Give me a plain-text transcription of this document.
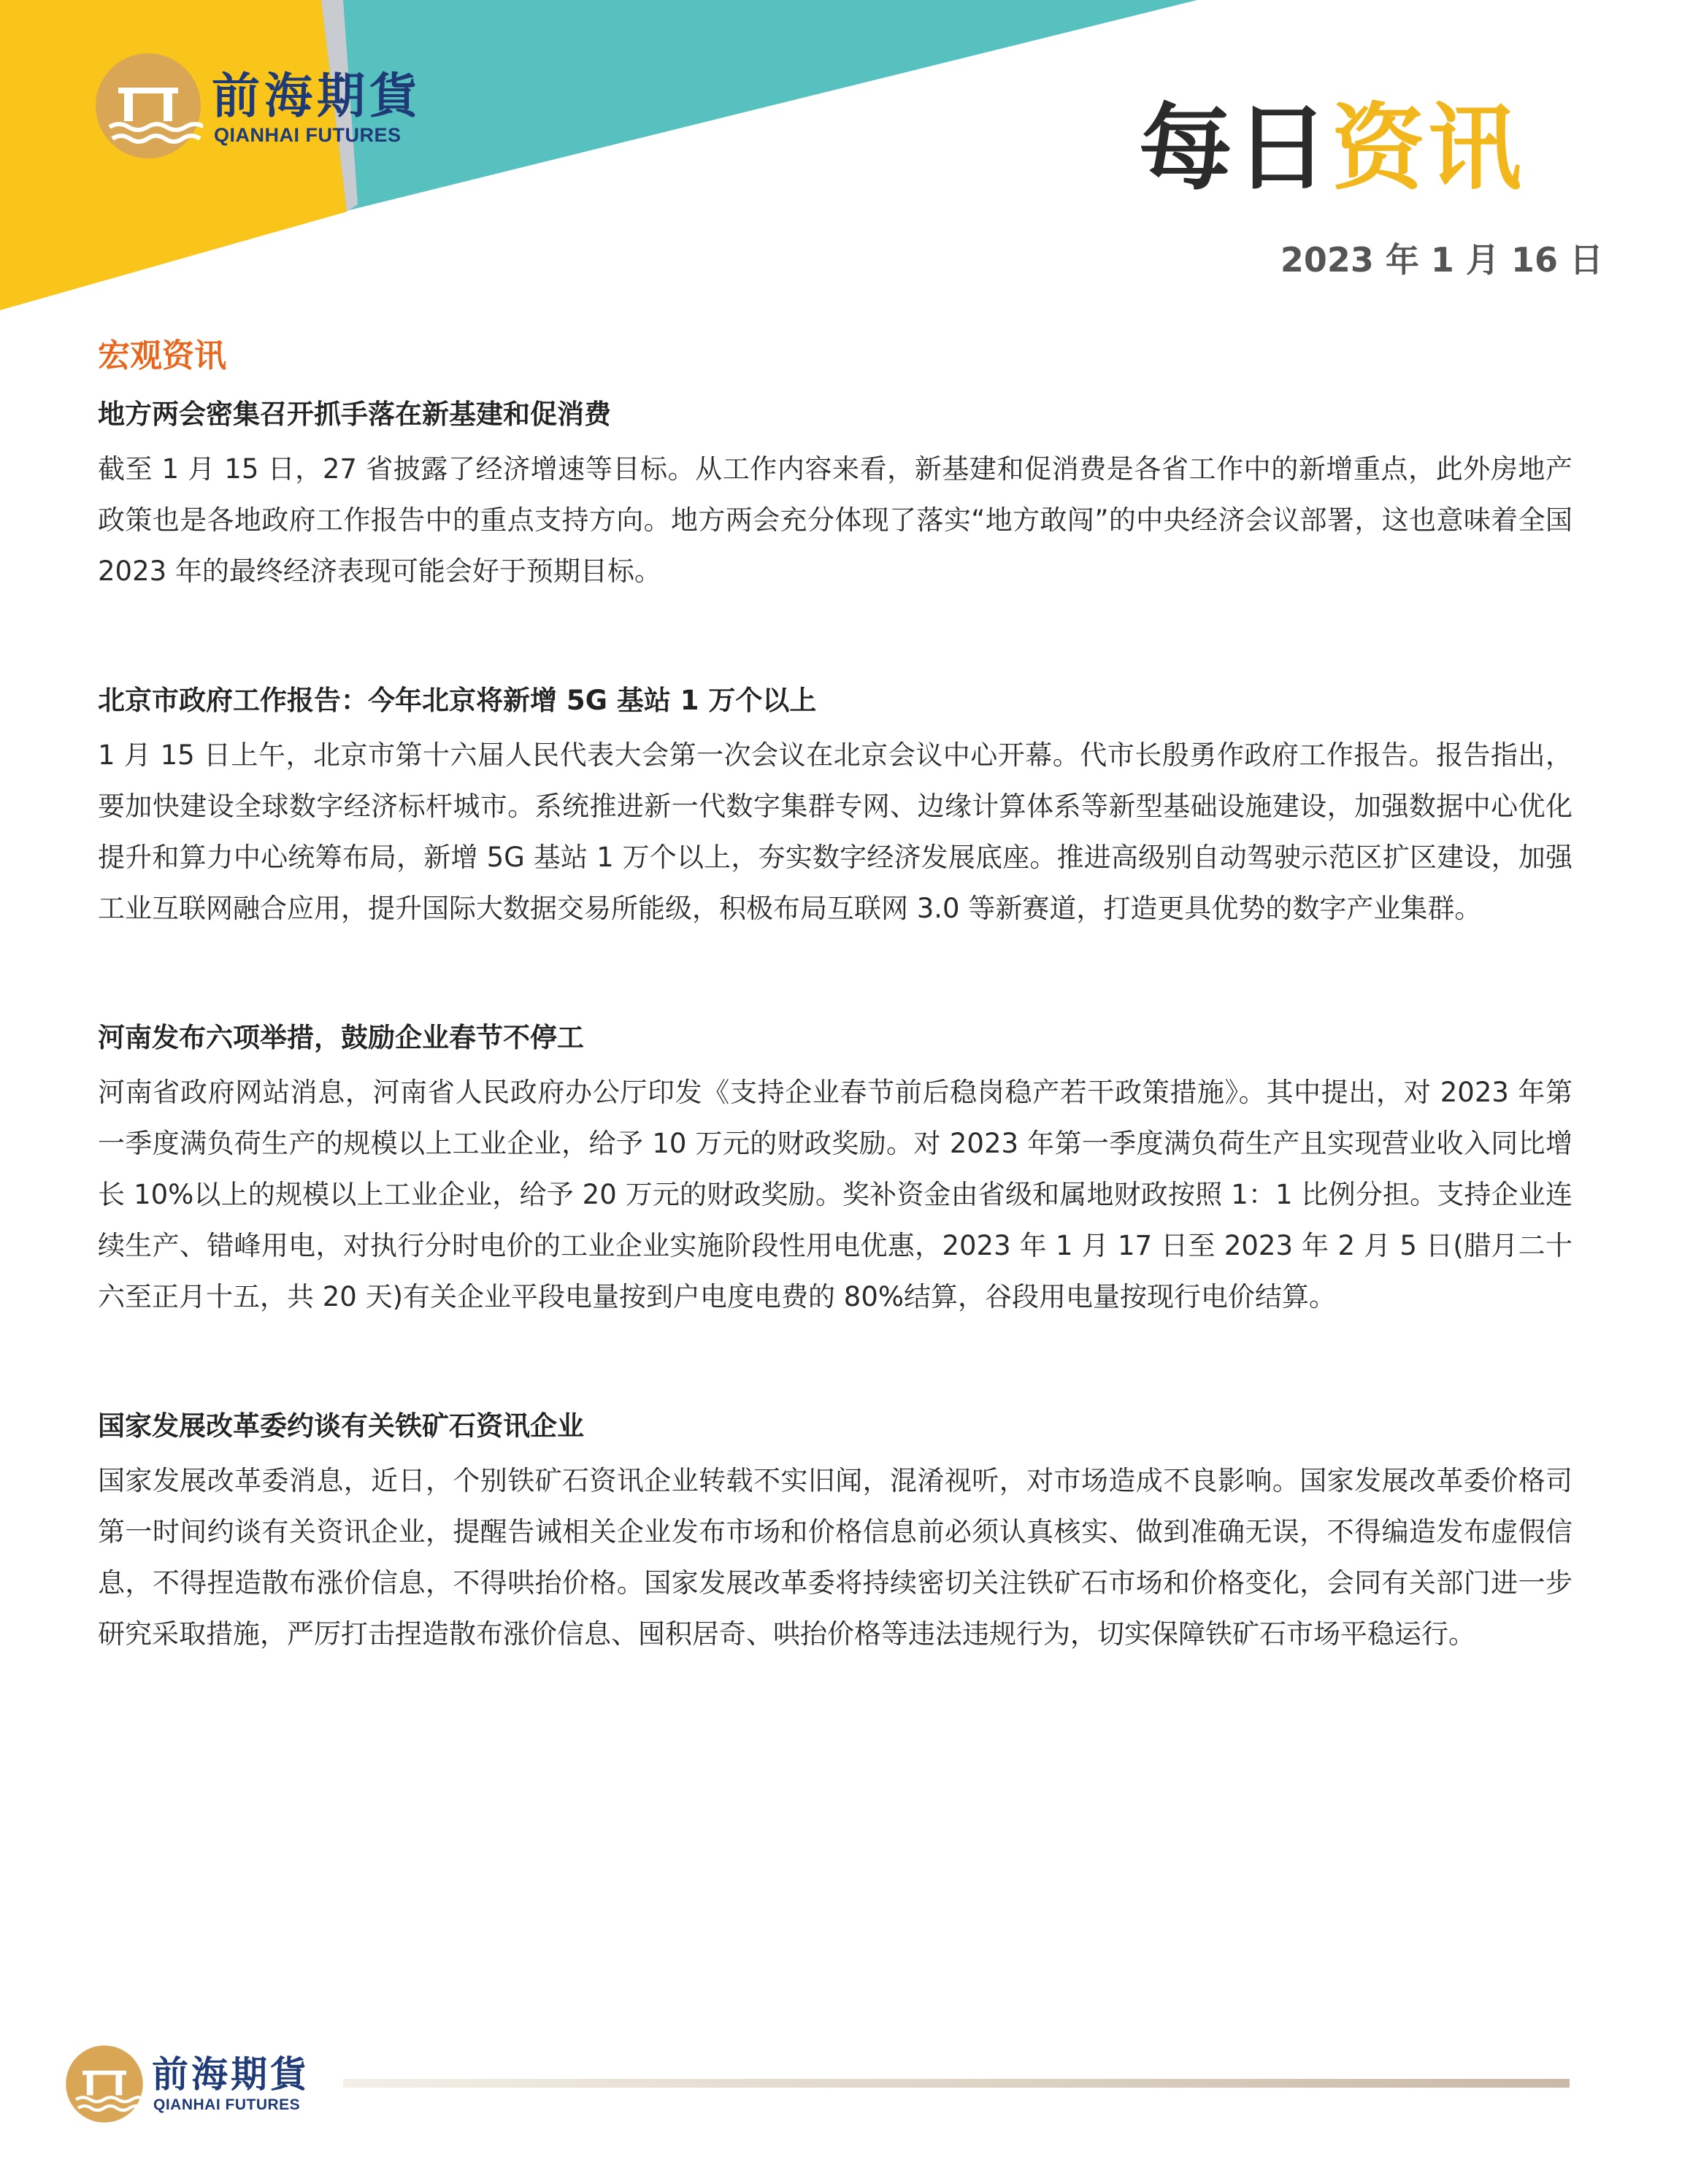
前海期貨
QIANHAI FUTURES	每日资讯
2023 年 1 月 16 日
宏观资讯
地方两会密集召开抓手落在新基建和促消费

截至 1 月 15 日，27 省披露了经济增速等目标。从工作内容来看，新基建和促消费是各省工作中的新增重点，此外房地产政策也是各地政府工作报告中的重点支持方向。地方两会充分体现了落实“地方敢闯”的中央经济会议部署，这也意味着全国 2023 年的最终经济表现可能会好于预期目标。

北京市政府工作报告：今年北京将新增 5G 基站 1 万个以上

1 月 15 日上午，北京市第十六届人民代表大会第一次会议在北京会议中心开幕。代市长殷勇作政府工作报告。报告指出，要加快建设全球数字经济标杆城市。系统推进新一代数字集群专网、边缘计算体系等新型基础设施建设，加强数据中心优化提升和算力中心统筹布局，新增 5G 基站 1 万个以上，夯实数字经济发展底座。推进高级别自动驾驶示范区扩区建设，加强工业互联网融合应用，提升国际大数据交易所能级，积极布局互联网 3.0 等新赛道，打造更具优势的数字产业集群。

河南发布六项举措，鼓励企业春节不停工

河南省政府网站消息，河南省人民政府办公厅印发《支持企业春节前后稳岗稳产若干政策措施》。其中提出，对 2023 年第一季度满负荷生产的规模以上工业企业，给予 10 万元的财政奖励。对 2023 年第一季度满负荷生产且实现营业收入同比增长 10%以上的规模以上工业企业，给予 20 万元的财政奖励。奖补资金由省级和属地财政按照 1：1 比例分担。支持企业连续生产、错峰用电，对执行分时电价的工业企业实施阶段性用电优惠，2023 年 1 月 17 日至 2023 年 2 月 5 日(腊月二十六至正月十五，共 20 天)有关企业平段电量按到户电度电费的 80%结算，谷段用电量按现行电价结算。

国家发展改革委约谈有关铁矿石资讯企业

国家发展改革委消息，近日，个别铁矿石资讯企业转载不实旧闻，混淆视听，对市场造成不良影响。国家发展改革委价格司第一时间约谈有关资讯企业，提醒告诫相关企业发布市场和价格信息前必须认真核实、做到准确无误，不得编造发布虚假信息，不得捏造散布涨价信息，不得哄抬价格。国家发展改革委将持续密切关注铁矿石市场和价格变化，会同有关部门进一步研究采取措施，严厉打击捏造散布涨价信息、囤积居奇、哄抬价格等违法违规行为，切实保障铁矿石市场平稳运行。

前海期貨
QIANHAI FUTURES
